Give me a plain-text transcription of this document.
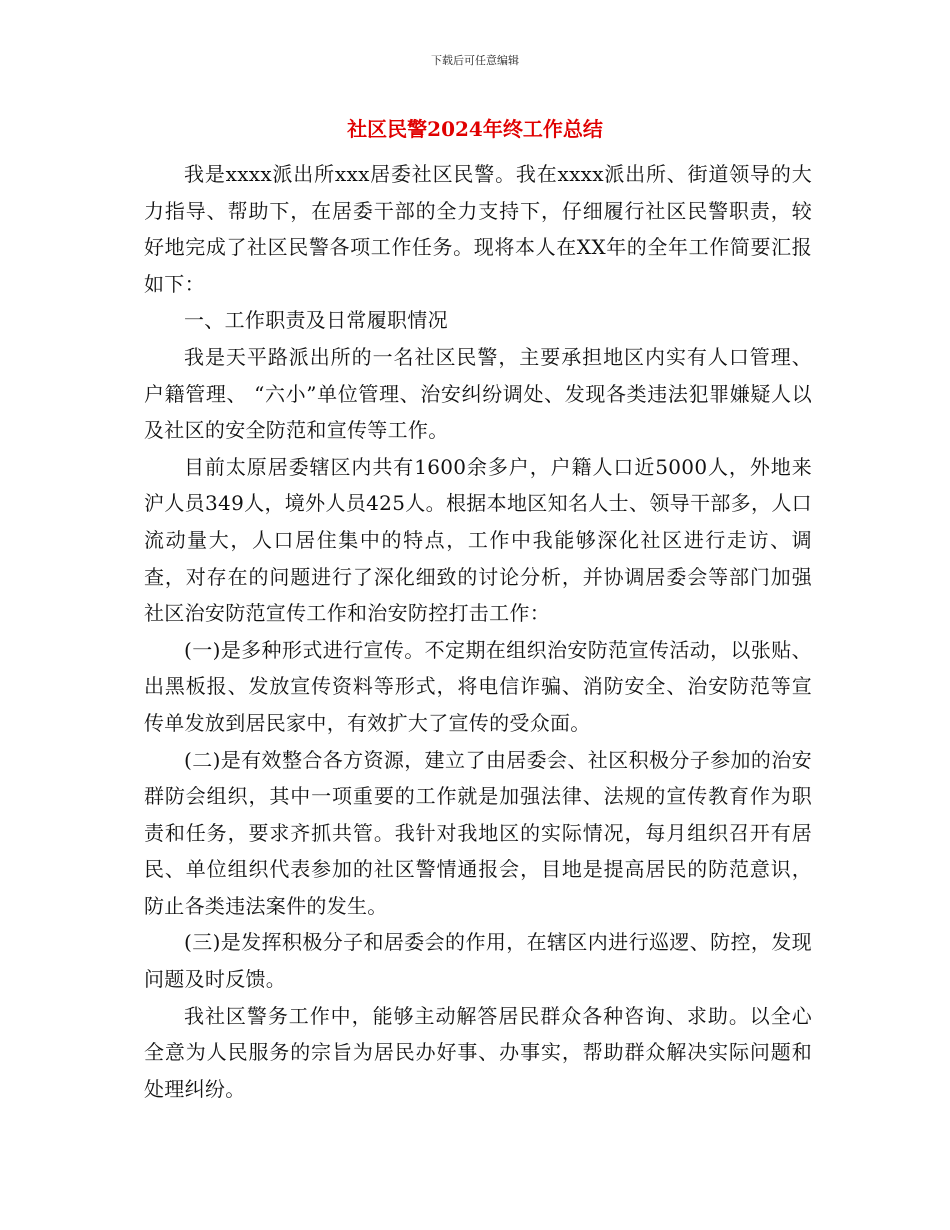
下载后可任意编辑
社区民警2024年终工作总结

我是xxxx派出所xxx居委社区民警。我在xxxx派出所、街道领导的大力指导、帮助下，在居委干部的全力支持下，仔细履行社区民警职责，较好地完成了社区民警各项工作任务。现将本人在XX年的全年工作简要汇报如下：

一、工作职责及日常履职情况

我是天平路派出所的一名社区民警，主要承担地区内实有人口管理、户籍管理、 “六小”单位管理、治安纠纷调处、发现各类违法犯罪嫌疑人以及社区的安全防范和宣传等工作。

目前太原居委辖区内共有1600余多户，户籍人口近5000人，外地来沪人员349人，境外人员425人。根据本地区知名人士、领导干部多，人口流动量大，人口居住集中的特点，工作中我能够深化社区进行走访、调查，对存在的问题进行了深化细致的讨论分析，并协调居委会等部门加强社区治安防范宣传工作和治安防控打击工作：

(一)是多种形式进行宣传。不定期在组织治安防范宣传活动，以张贴、出黑板报、发放宣传资料等形式，将电信诈骗、消防安全、治安防范等宣传单发放到居民家中，有效扩大了宣传的受众面。

(二)是有效整合各方资源，建立了由居委会、社区积极分子参加的治安群防会组织，其中一项重要的工作就是加强法律、法规的宣传教育作为职责和任务，要求齐抓共管。我针对我地区的实际情况，每月组织召开有居民、单位组织代表参加的社区警情通报会，目地是提高居民的防范意识，防止各类违法案件的发生。

(三)是发挥积极分子和居委会的作用，在辖区内进行巡逻、防控，发现问题及时反馈。

我社区警务工作中，能够主动解答居民群众各种咨询、求助。以全心全意为人民服务的宗旨为居民办好事、办事实，帮助群众解决实际问题和处理纠纷。
